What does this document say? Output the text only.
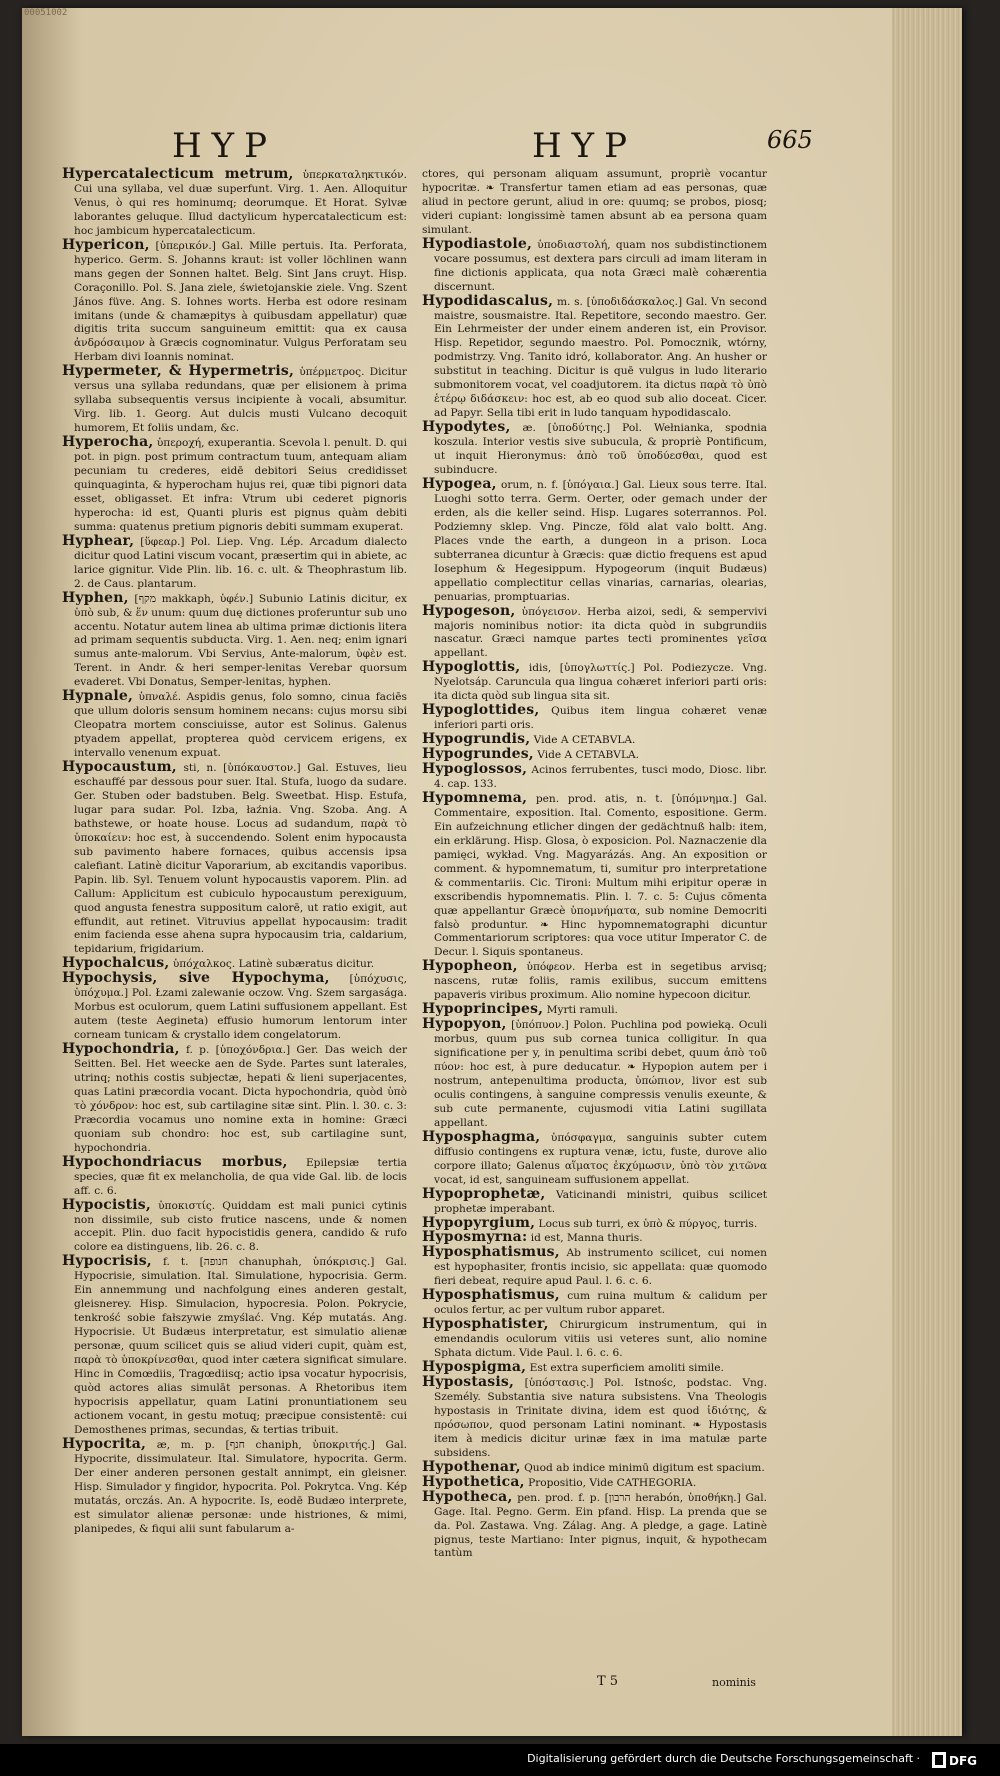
00051002
HYP	HYP	665
Hypercatalecticum metrum, ὑπερκαταληκτικόν. Cui una syllaba, vel duæ superfunt. Virg. 1. Aen. Alloquitur Venus, ò qui res hominumq; deorumque. Et Horat. Sylvæ laborantes geluque. Illud dactylicum hypercatalecticum est: hoc jambicum hypercatalecticum.
Hypericon, [ὑπερικόν.] Gal. Mille pertuis. Ita. Perforata, hyperico. Germ. S. Johanns kraut: ist voller löchlinen wann mans gegen der Sonnen haltet. Belg. Sint Jans cruyt. Hisp. Coraçonillo. Pol. S. Jana ziele, świetojanskie ziele. Vng. Szent János füve. Ang. S. Iohnes worts. Herba est odore resinam imitans (unde & chamæpitys à quibusdam appellatur) quæ digitis trita succum sanguineum emittit: qua ex causa ἀνδρόσαιμον à Græcis cognominatur. Vulgus Perforatam seu Herbam divi Ioannis nominat.
Hypermeter, & Hypermetris, ὑπέρμετρος. Dicitur versus una syllaba redundans, quæ per elisionem à prima syllaba subsequentis versus incipiente à vocali, absumitur. Virg. lib. 1. Georg. Aut dulcis musti Vulcano decoquit humorem, Et foliis undam, &c.
Hyperocha, ὑπεροχή, exuperantia. Scevola l. penult. D. qui pot. in pign. post primum contractum tuum, antequam aliam pecuniam tu crederes, eidē debitori Seius credidisset quinquaginta, & hyperocham hujus rei, quæ tibi pignori data esset, obligasset. Et infra: Vtrum ubi cederet pignoris hyperocha: id est, Quanti pluris est pignus quàm debiti summa: quatenus pretium pignoris debiti summam exuperat.
Hyphear, [ὕφεαρ.] Pol. Liep. Vng. Lép. Arcadum dialecto dicitur quod Latini viscum vocant, præsertim qui in abiete, ac larice gignitur. Vide Plin. lib. 16. c. ult. & Theophrastum lib. 2. de Caus. plantarum.
Hyphen, [מקף makkaph, ὑφέν.] Subunio Latinis dicitur, ex ὑπὸ sub, & ἕν unum: quum duę dictiones proferuntur sub uno accentu. Notatur autem linea ab ultima primæ dictionis litera ad primam sequentis subducta. Virg. 1. Aen. neq; enim ignari sumus ante-malorum. Vbi Servius, Ante-malorum, ὑφὲν est. Terent. in Andr. & heri semper-lenitas Verebar quorsum evaderet. Vbi Donatus, Semper-lenitas, hyphen.
Hypnale, ὑπναλέ. Aspidis genus, folo somno, cinua faciēs que ullum doloris sensum hominem necans: cujus morsu sibi Cleopatra mortem consciuisse, autor est Solinus. Galenus ptyadem appellat, propterea quòd cervicem erigens, ex intervallo venenum expuat.
Hypocaustum, sti, n. [ὑπόκαυστον.] Gal. Estuves, lieu eschauffé par dessous pour suer. Ital. Stufa, luogo da sudare. Ger. Stuben oder badstuben. Belg. Sweetbat. Hisp. Estufa, lugar para sudar. Pol. Izba, łaźnia. Vng. Szoba. Ang. A bathstewe, or hoate house. Locus ad sudandum, παρὰ τὸ ὑποκαίειν: hoc est, à succendendo. Solent enim hypocausta sub pavimento habere fornaces, quibus accensis ipsa calefiant. Latinè dicitur Vaporarium, ab excitandis vaporibus. Papin. lib. Syl. Tenuem volunt hypocaustis vaporem. Plin. ad Callum: Applicitum est cubiculo hypocaustum perexiguum, quod angusta fenestra suppositum calorē, ut ratio exigit, aut effundit, aut retinet. Vitruvius appellat hypocausim: tradit enim facienda esse ahena supra hypocausim tria, caldarium, tepidarium, frigidarium.
Hypochalcus, ὑπόχαλκος. Latinè subæratus dicitur.
Hypochysis, sive Hypochyma, [ὑπόχυσις, ὑπόχυμα.] Pol. Łzami zalewanie oczow. Vng. Szem sargasága. Morbus est oculorum, quem Latini suffusionem appellant. Est autem (teste Aegineta) effusio humorum lentorum inter corneam tunicam & crystallo idem congelatorum.
Hypochondria, f. p. [ὑποχόνδρια.] Ger. Das weich der Seitten. Bel. Het weecke aen de Syde. Partes sunt laterales, utrinq; nothis costis subjectæ, hepati & lieni superjacentes, quas Latini præcordia vocant. Dicta hypochondria, quòd ὑπὸ τὸ χόνδρον: hoc est, sub cartilagine sitæ sint. Plin. l. 30. c. 3: Præcordia vocamus uno nomine exta in homine: Græci quoniam sub chondro: hoc est, sub cartilagine sunt, hypochondria.
Hypochondriacus morbus, Epilepsiæ tertia species, quæ fit ex melancholia, de qua vide Gal. lib. de locis aff. c. 6.
Hypocistis, ὑποκιστίς. Quiddam est mali punici cytinis non dissimile, sub cisto frutice nascens, unde & nomen accepit. Plin. duo facit hypocistidis genera, candido & rufo colore ea distinguens, lib. 26. c. 8.
Hypocrisis, f. t. [חנופה chanuphah, ὑπόκρισις.] Gal. Hypocrisie, simulation. Ital. Simulatione, hypocrisia. Germ. Ein annemmung und nachfolgung eines anderen gestalt, gleisnerey. Hisp. Simulacion, hypocresia. Polon. Pokrycie, tenkrość sobie fałszywie zmyślać. Vng. Kép mutatás. Ang. Hypocrisie. Ut Budæus interpretatur, est simulatio alienæ personæ, quum scilicet quis se aliud videri cupit, quàm est, παρὰ τὸ ὑποκρίνεσθαι, quod inter cætera significat simulare. Hinc in Comœdiis, Tragœdiisq; actio ipsa vocatur hypocrisis, quòd actores alias simulāt personas. A Rhetoribus item hypocrisis appellatur, quam Latini pronuntiationem seu actionem vocant, in gestu motuq; præcipue consistentē: cui Demosthenes primas, secundas, & tertias tribuit.
Hypocrita, æ, m. p. [חנף chaniph, ὑποκριτής.] Gal. Hypocrite, dissimulateur. Ital. Simulatore, hypocrita. Germ. Der einer anderen personen gestalt annimpt, ein gleisner. Hisp. Simulador y fingidor, hypocrita. Pol. Pokrytca. Vng. Kép mutatás, orczás. An. A hypocrite. Is, eodē Budæo interprete, est simulator alienæ personæ: unde histriones, & mimi, planipedes, & fiqui alii sunt fabularum a-
ctores, qui personam aliquam assumunt, propriè vocantur hypocritæ. ❧ Transfertur tamen etiam ad eas personas, quæ aliud in pectore gerunt, aliud in ore: quumq; se probos, piosq; videri cupiant: longissimè tamen absunt ab ea persona quam simulant.
Hypodiastole, ὑποδιαστολή, quam nos subdistinctionem vocare possumus, est dextera pars circuli ad imam literam in fine dictionis applicata, qua nota Græci malè cohærentia discernunt.
Hypodidascalus, m. s. [ὑποδιδάσκαλος.] Gal. Vn second maistre, sousmaistre. Ital. Repetitore, secondo maestro. Ger. Ein Lehrmeister der under einem anderen ist, ein Provisor. Hisp. Repetidor, segundo maestro. Pol. Pomocznik, wtórny, podmistrzy. Vng. Tanito idró, kollaborator. Ang. An husher or substitut in teaching. Dicitur is quē vulgus in ludo literario submonitorem vocat, vel coadjutorem. ita dictus παρὰ τὸ ὑπὸ ἑτέρῳ διδάσκειν: hoc est, ab eo quod sub alio doceat. Cicer. ad Papyr. Sella tibi erit in ludo tanquam hypodidascalo.
Hypodytes, æ. [ὑποδύτης.] Pol. Wełnianka, spodnia koszula. Interior vestis sive subucula, & propriè Pontificum, ut inquit Hieronymus: ἀπὸ τοῦ ὑποδύεσθαι, quod est subinducre.
Hypogea, orum, n. f. [ὑπόγαια.] Gal. Lieux sous terre. Ital. Luoghi sotto terra. Germ. Oerter, oder gemach under der erden, als die keller seind. Hisp. Lugares soterrannos. Pol. Podziemny sklep. Vng. Pincze, föld alat valo boltt. Ang. Places vnde the earth, a dungeon in a prison. Loca subterranea dicuntur à Græcis: quæ dictio frequens est apud Iosephum & Hegesippum. Hypogeorum (inquit Budæus) appellatio complectitur cellas vinarias, carnarias, olearias, penuarias, promptuarias.
Hypogeson, ὑπόγεισον. Herba aizoi, sedi, & sempervivi majoris nominibus notior: ita dicta quòd in subgrundiis nascatur. Græci namque partes tecti prominentes γεῖσα appellant.
Hypoglottis, idis, [ὑπογλωττίς.] Pol. Podiezycze. Vng. Nyelotsáp. Caruncula qua lingua cohæret inferiori parti oris: ita dicta quòd sub lingua sita sit.
Hypoglottides, Quibus item lingua cohæret venæ inferiori parti oris.
Hypogrundis, Vide A CETABVLA.
Hypogrundes, Vide A CETABVLA.
Hypoglossos, Acinos ferrubentes, tusci modo, Diosc. libr. 4. cap. 133.
Hypomnema, pen. prod. atis, n. t. [ὑπόμνημα.] Gal. Commentaire, exposition. Ital. Comento, espositione. Germ. Ein aufzeichnung etlicher dingen der gedächtnuß halb: item, ein erklärung. Hisp. Glosa, ò exposicion. Pol. Naznaczenie dla pamięci, wykład. Vng. Magyarázás. Ang. An exposition or comment. & hypomnematum, ti, sumitur pro interpretatione & commentariis. Cic. Tironi: Multum mihi eripitur operæ in exscribendis hypomnematis. Plin. l. 7. c. 5: Cujus cōmenta quæ appellantur Græcè ὑπομνήματα, sub nomine Democriti falsò produntur. ❧ Hinc hypomnematographi dicuntur Commentariorum scriptores: qua voce utitur Imperator C. de Decur. l. Siquis spontaneus.
Hypopheon, ὑπόφεον. Herba est in segetibus arvisq; nascens, rutæ foliis, ramis exilibus, succum emittens papaveris viribus proximum. Alio nomine hypecoon dicitur.
Hypoprincipes, Myrti ramuli.
Hypopyon, [ὑπόπυον.] Polon. Puchlina pod powieką. Oculi morbus, quum pus sub cornea tunica colligitur. In qua significatione per y, in penultima scribi debet, quum ἀπὸ τοῦ πύον: hoc est, à pure deducatur. ❧ Hypopion autem per i nostrum, antepenultima producta, ὑπώπιον, livor est sub oculis contingens, à sanguine compressis venulis exeunte, & sub cute permanente, cujusmodi vitia Latini sugillata appellant.
Hyposphagma, ὑπόσφαγμα, sanguinis subter cutem diffusio contingens ex ruptura venæ, ictu, fuste, durove alio corpore illato; Galenus αἵματος ἐκχύμωσιν, ὑπὸ τὸν χιτῶνα vocat, id est, sanguineam suffusionem appellat.
Hypoprophetæ, Vaticinandi ministri, quibus scilicet prophetæ imperabant.
Hypopyrgium, Locus sub turri, ex ὑπὸ & πύργος, turris.
Hyposmyrna: id est, Manna thuris.
Hyposphatismus, Ab instrumento scilicet, cui nomen est hypophasiter, frontis incisio, sic appellata: quæ quomodo fieri debeat, require apud Paul. l. 6. c. 6.
Hyposphatismus, cum ruina multum & calidum per oculos fertur, ac per vultum rubor apparet.
Hyposphatister, Chirurgicum instrumentum, qui in emendandis oculorum vitiis usi veteres sunt, alio nomine Sphata dictum. Vide Paul. l. 6. c. 6.
Hypospigma, Est extra superficiem amoliti simile.
Hypostasis, [ὑπόστασις.] Pol. Istnośc, podstac. Vng. Személy. Substantia sive natura subsistens. Vna Theologis hypostasis in Trinitate divina, idem est quod ἰδιότης, & πρόσωπον, quod personam Latini nominant. ❧ Hypostasis item à medicis dicitur urinæ fæx in ima matulæ parte subsidens.
Hypothenar, Quod ab indice minimū digitum est spacium.
Hypothetica, Propositio, Vide CATHEGORIA.
Hypotheca, pen. prod. f. p. [הרבון herabón, ὑποθήκη.] Gal. Gage. Ital. Pegno. Germ. Ein pfand. Hisp. La prenda que se da. Pol. Zastawa. Vng. Zálag. Ang. A pledge, a gage. Latinè pignus, teste Martiano: Inter pignus, inquit, & hypothecam tantùm
T 5	nominis
Digitalisierung gefördert durch die Deutsche Forschungsgemeinschaft · DFG
